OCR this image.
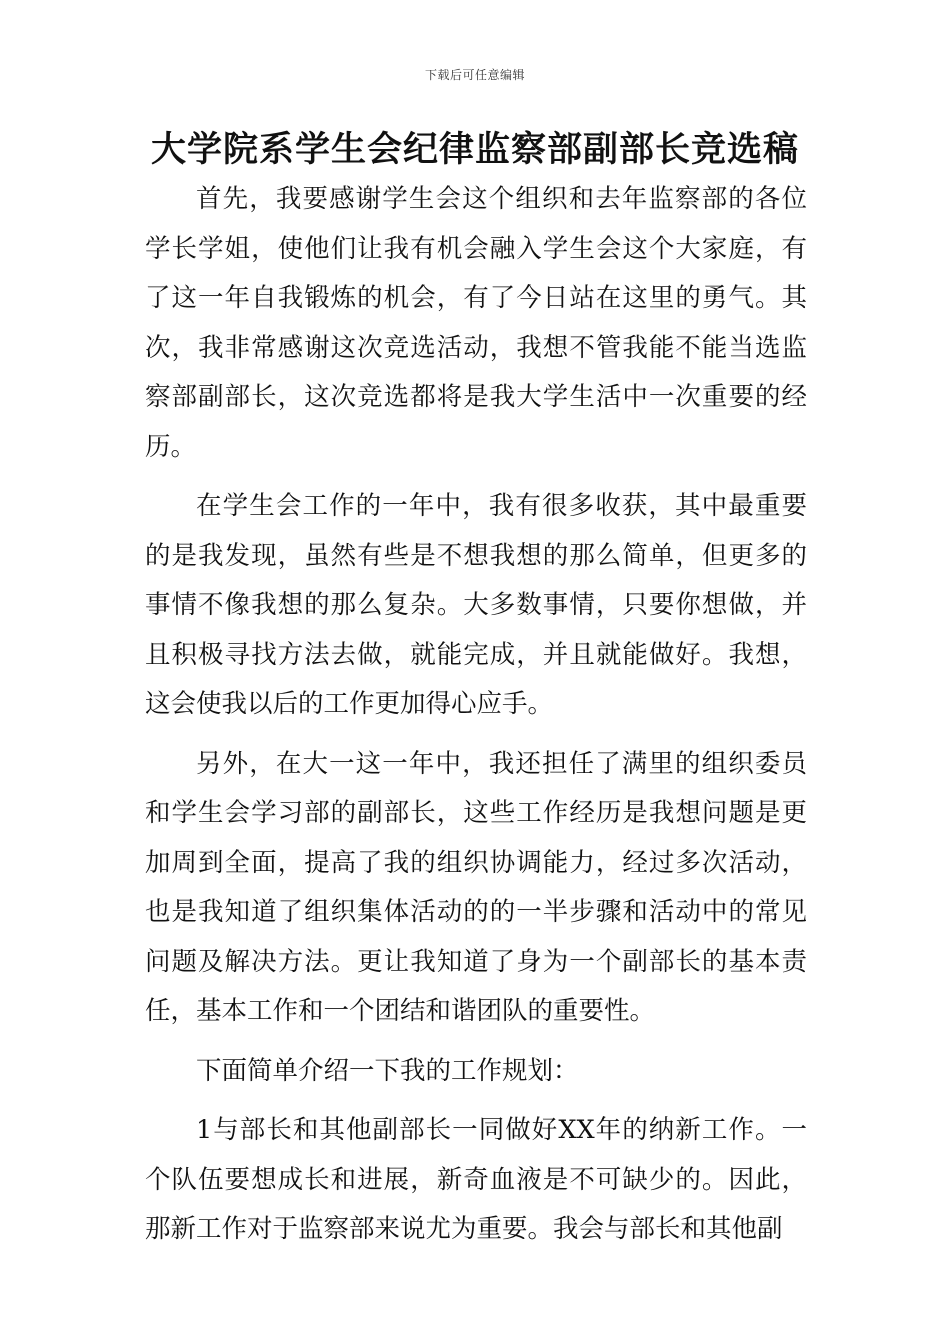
下载后可任意编辑
大学院系学生会纪律监察部副部长竞选稿

首先，我要感谢学生会这个组织和去年监察部的各位学长学姐，使他们让我有机会融入学生会这个大家庭，有了这一年自我锻炼的机会，有了今日站在这里的勇气。其次，我非常感谢这次竞选活动，我想不管我能不能当选监察部副部长，这次竞选都将是我大学生活中一次重要的经历。

在学生会工作的一年中，我有很多收获，其中最重要的是我发现，虽然有些是不想我想的那么简单，但更多的事情不像我想的那么复杂。大多数事情，只要你想做，并且积极寻找方法去做，就能完成，并且就能做好。我想，这会使我以后的工作更加得心应手。

另外，在大一这一年中，我还担任了满里的组织委员和学生会学习部的副部长，这些工作经历是我想问题是更加周到全面，提高了我的组织协调能力，经过多次活动，也是我知道了组织集体活动的的一半步骤和活动中的常见问题及解决方法。更让我知道了身为一个副部长的基本责任，基本工作和一个团结和谐团队的重要性。

下面简单介绍一下我的工作规划：

1与部长和其他副部长一同做好XX年的纳新工作。一个队伍要想成长和进展，新奇血液是不可缺少的。因此，那新工作对于监察部来说尤为重要。我会与部长和其他副
